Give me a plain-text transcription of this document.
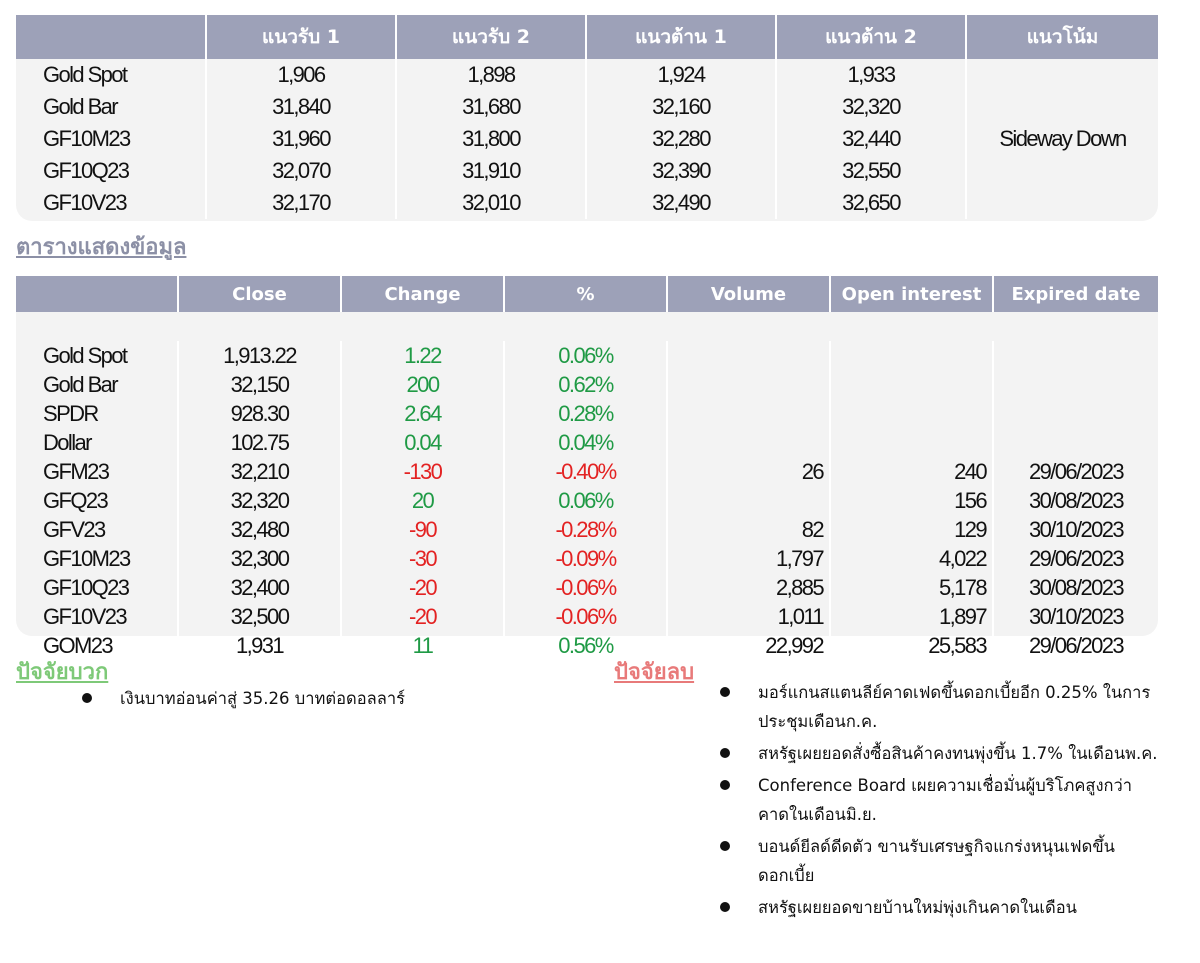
	แนวรับ 1	แนวรับ 2	แนวต้าน 1	แนวต้าน 2	แนวโน้ม
Gold Spot	1,906	1,898	1,924	1,933	Sideway Down
Gold Bar	31,840	31,680	32,160	32,320	
GF10M23	31,960	31,800	32,280	32,440	
GF10Q23	32,070	31,910	32,390	32,550	
GF10V23	32,170	32,010	32,490	32,650	
ตารางแสดงข้อมูล
	Close	Change	%	Volume	Open interest	Expired date

Gold Spot	1,913.22	1.22	0.06%			
Gold Bar	32,150	200	0.62%			
SPDR	928.30	2.64	0.28%			
Dollar	102.75	0.04	0.04%			
GFM23	32,210	-130	-0.40%	26	240	29/06/2023
GFQ23	32,320	20	0.06%		156	30/08/2023
GFV23	32,480	-90	-0.28%	82	129	30/10/2023
GF10M23	32,300	-30	-0.09%	1,797	4,022	29/06/2023
GF10Q23	32,400	-20	-0.06%	2,885	5,178	30/08/2023
GF10V23	32,500	-20	-0.06%	1,011	1,897	30/10/2023
GOM23	1,931	11	0.56%	22,992	25,583	29/06/2023
ปัจจัยบวก
เงินบาทอ่อนค่าสู่ 35.26 บาทต่อดอลลาร์
ปัจจัยลบ
มอร์แกนสแตนลีย์คาดเฟดขึ้นดอกเบี้ยอีก 0.25% ในการประชุมเดือนก.ค.
สหรัฐเผยยอดสั่งซื้อสินค้าคงทนพุ่งขึ้น 1.7% ในเดือนพ.ค.
Conference Board เผยความเชื่อมั่นผู้บริโภคสูงกว่าคาดในเดือนมิ.ย.
บอนด์ยีลด์ดีดตัว ขานรับเศรษฐกิจแกร่งหนุนเฟดขึ้นดอกเบี้ย
สหรัฐเผยยอดขายบ้านใหม่พุ่งเกินคาดในเดือน
